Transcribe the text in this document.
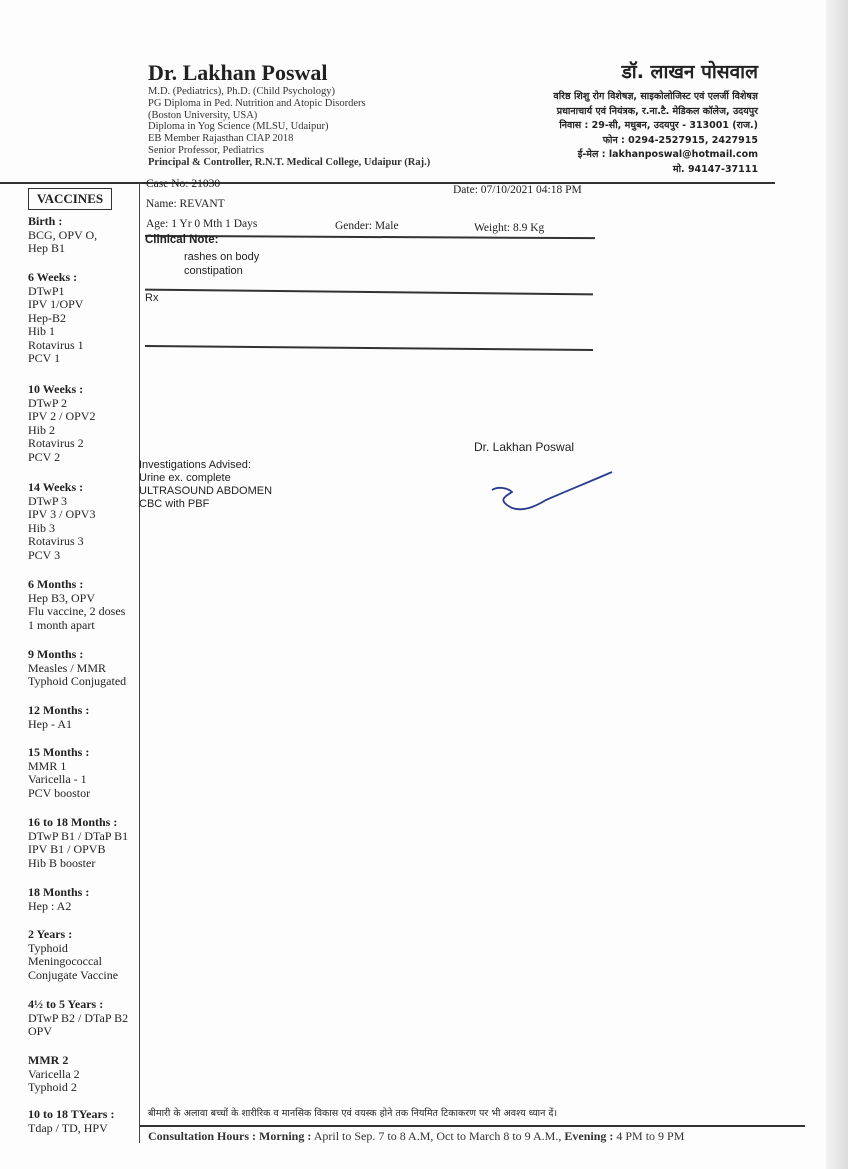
Dr. Lakhan Poswal
M.D. (Pediatrics), Ph.D. (Child Psychology)
PG Diploma in Ped. Nutrition and Atopic Disorders
(Boston University, USA)
Diploma in Yog Science (MLSU, Udaipur)
EB Member Rajasthan CIAP 2018
Senior Professor, Pediatrics
Principal & Controller, R.N.T. Medical College, Udaipur (Raj.)
डॉ. लाखन पोसवाल
वरिष्ठ शिशु रोग विशेषज्ञ, साइकोलोजिस्ट एवं एलर्जी विशेषज्ञ
प्रधानाचार्य एवं नियंत्रक, र.ना.टै. मेडिकल कॉलेज, उदयपुर
निवास : 29-सी, मधुबन, उदयपुर - 313001 (राज.)
फोन : 0294-2527915, 2427915
ई-मेल : lakhanposwal@hotmail.com
मो. 94147-37111
VACCINES
Birth :
BCG, OPV O,
Hep B1
6 Weeks :
DTwP1
IPV 1/OPV
Hep-B2
Hib 1
Rotavirus 1
PCV 1
10 Weeks :
DTwP 2
IPV 2 / OPV2
Hib 2
Rotavirus 2
PCV 2
14 Weeks :
DTwP 3
IPV 3 / OPV3
Hib 3
Rotavirus 3
PCV 3
6 Months :
Hep B3, OPV
Flu vaccine, 2 doses
1 month apart
9 Months :
Measles / MMR
Typhoid Conjugated
12 Months :
Hep - A1
15 Months :
MMR 1
Varicella - 1
PCV boostor
16 to 18 Months :
DTwP B1 / DTaP B1
IPV B1 / OPVB
Hib B booster
18 Months :
Hep : A2
2 Years :
Typhoid
Meningococcal
Conjugate Vaccine
4½ to 5 Years :
DTwP B2 / DTaP B2
OPV
MMR 2
Varicella 2
Typhoid 2
10 to 18 TYears :
Tdap / TD, HPV
Case No: 21030	Date: 07/10/2021 04:18 PM
Name: REVANT
Age: 1 Yr 0 Mth 1 Days	Gender: Male	Weight: 8.9 Kg
Clinical Note:
rashes on body
constipation
Rx
Dr. Lakhan Poswal
Investigations Advised:
Urine ex. complete
ULTRASOUND ABDOMEN
CBC with PBF
बीमारी के अलावा बच्चों के शारीरिक व मानसिक विकास एवं वयस्क होने तक नियमित टिकाकरण पर भी अवश्य ध्यान दें।
Consultation Hours : Morning : April to Sep. 7 to 8 A.M, Oct to March 8 to 9 A.M., Evening : 4 PM to 9 PM
